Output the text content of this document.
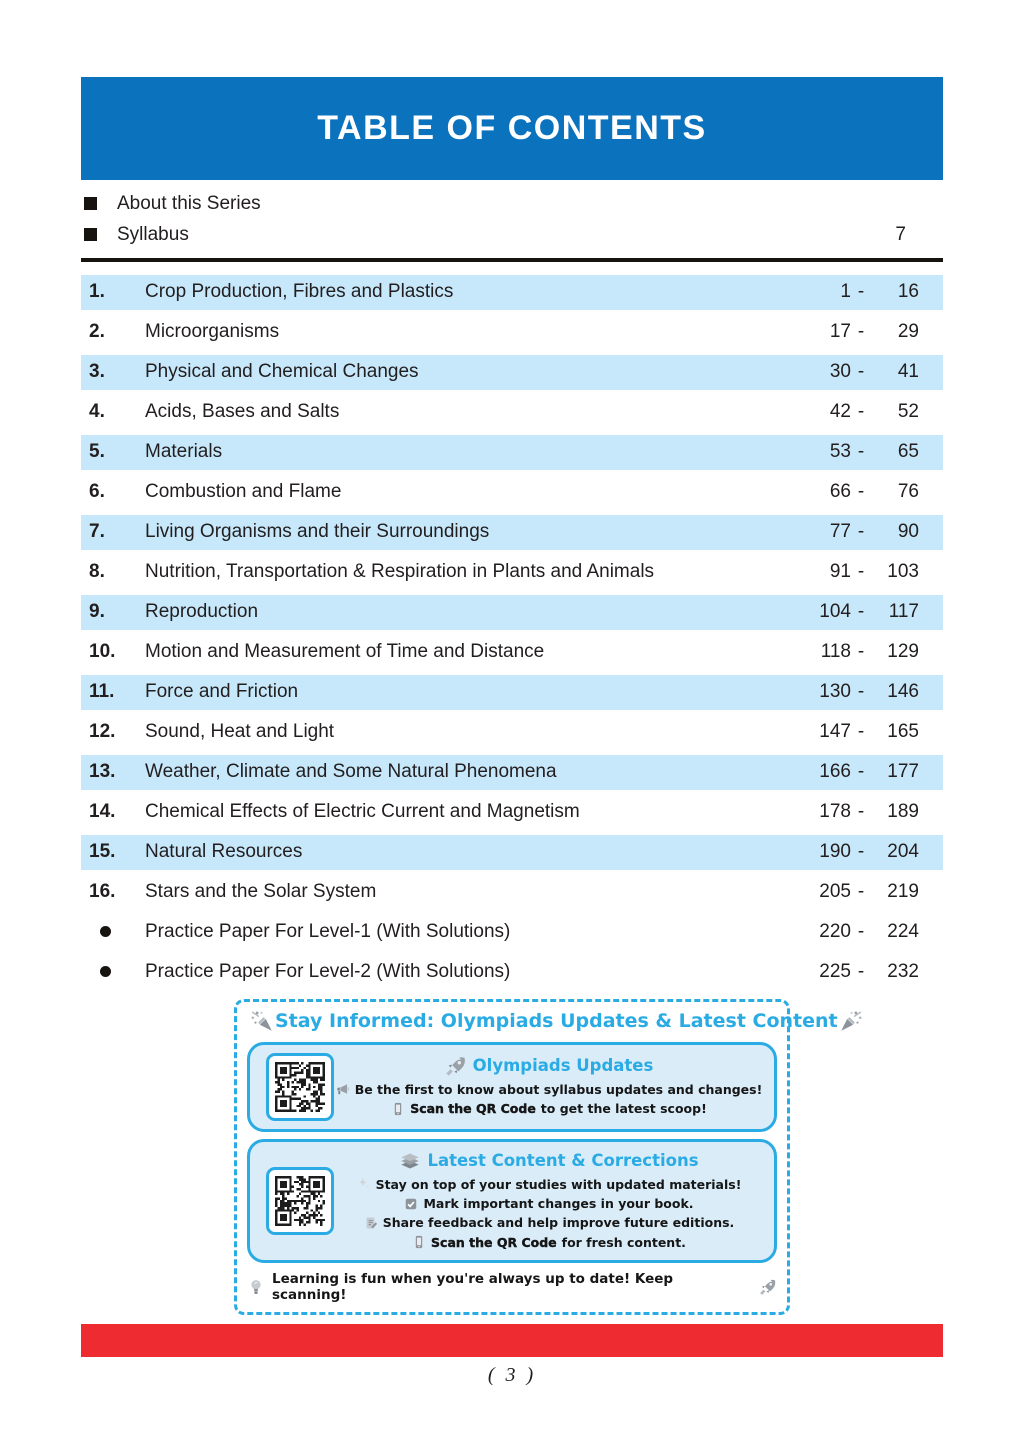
TABLE OF CONTENTS
About this Series
Syllabus	7
1.	Crop Production, Fibres and Plastics	1 -	16
2.	Microorganisms	17 -	29
3.	Physical and Chemical Changes	30 -	41
4.	Acids, Bases and Salts	42 -	52
5.	Materials	53 -	65
6.	Combustion and Flame	66 -	76
7.	Living Organisms and their Surroundings	77 -	90
8.	Nutrition, Transportation & Respiration in Plants and Animals	91 -	103
9.	Reproduction	104 -	117
10.	Motion and Measurement of Time and Distance	118 -	129
11.	Force and Friction	130 -	146
12.	Sound, Heat and Light	147 -	165
13.	Weather, Climate and Some Natural Phenomena	166 -	177
14.	Chemical Effects of Electric Current and Magnetism	178 -	189
15.	Natural Resources	190 -	204
16.	Stars and the Solar System	205 -	219
Practice Paper For Level-1 (With Solutions)	220 -	224
Practice Paper For Level-2 (With Solutions)	225 -	232
Stay Informed: Olympiads Updates & Latest Content
Olympiads Updates
Be the first to know about syllabus updates and changes!
Scan the QR Code to get the latest scoop!
Latest Content & Corrections
Stay on top of your studies with updated materials!
Mark important changes in your book.
Share feedback and help improve future editions.
Scan the QR Code for fresh content.
Learning is fun when you're always up to date! Keep scanning!
( 3 )
